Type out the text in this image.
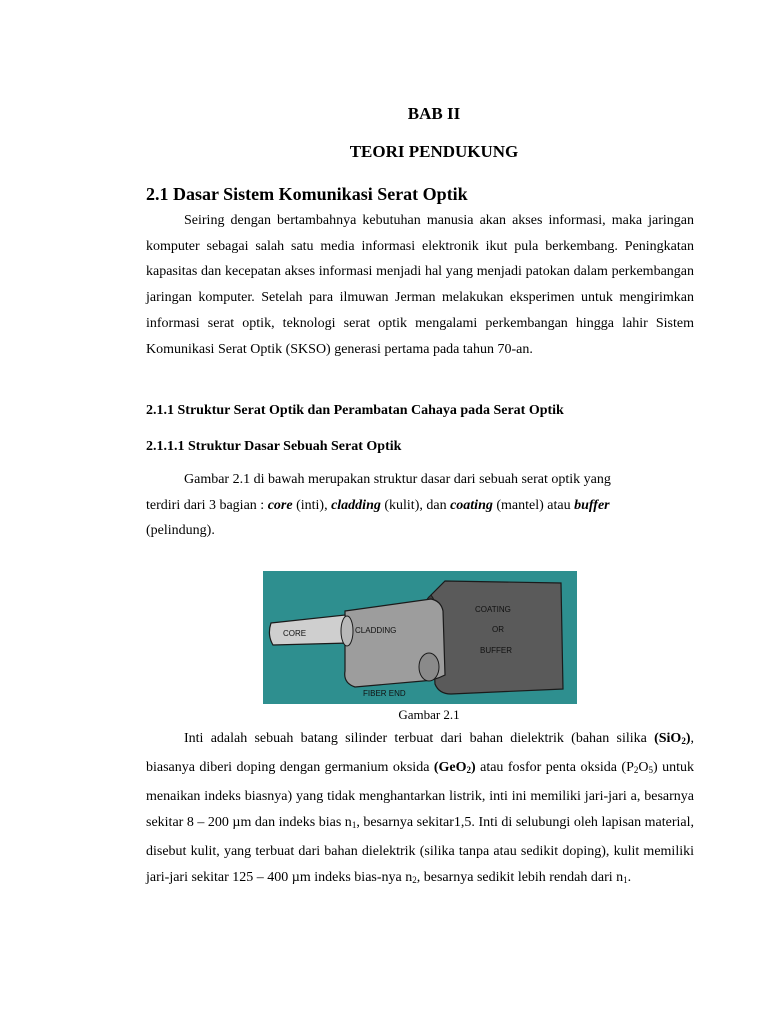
BAB II
TEORI PENDUKUNG
2.1 Dasar Sistem Komunikasi Serat Optik
Seiring dengan bertambahnya kebutuhan manusia akan akses informasi, maka jaringan komputer sebagai salah satu media informasi elektronik ikut pula berkembang. Peningkatan kapasitas dan kecepatan akses informasi menjadi hal yang menjadi patokan dalam perkembangan jaringan komputer. Setelah para ilmuwan Jerman melakukan eksperimen untuk mengirimkan informasi serat optik, teknologi serat optik mengalami perkembangan hingga lahir Sistem Komunikasi Serat Optik (SKSO) generasi pertama pada tahun 70-an.
2.1.1 Struktur Serat Optik dan Perambatan Cahaya pada Serat Optik
2.1.1.1 Struktur Dasar Sebuah Serat Optik
Gambar 2.1 di bawah merupakan struktur dasar dari sebuah serat optik yang
terdiri dari 3 bagian : core (inti), cladding (kulit), dan coating (mantel) atau buffer
(pelindung).
CORE	CLADDING
COATING
OR
BUFFER
FIBER END
Gambar 2.1
Inti adalah sebuah batang silinder terbuat dari bahan dielektrik (bahan silika (SiO$_2$), biasanya diberi doping dengan germanium oksida (GeO$_2$) atau fosfor penta oksida $(P_2O_5)$ untuk menaikan indeks biasnya) yang tidak menghantarkan listrik, inti ini memiliki jari-jari a, besarnya sekitar 8 – 200 µm dan indeks bias $n_1$, besarnya sekitar1,5. Inti di selubungi oleh lapisan material, disebut kulit, yang terbuat dari bahan dielektrik (silika tanpa atau sedikit doping), kulit memiliki jari-jari sekitar 125 – 400 µm indeks bias-nya $n_2$, besarnya sedikit lebih rendah dari $n_1$.
